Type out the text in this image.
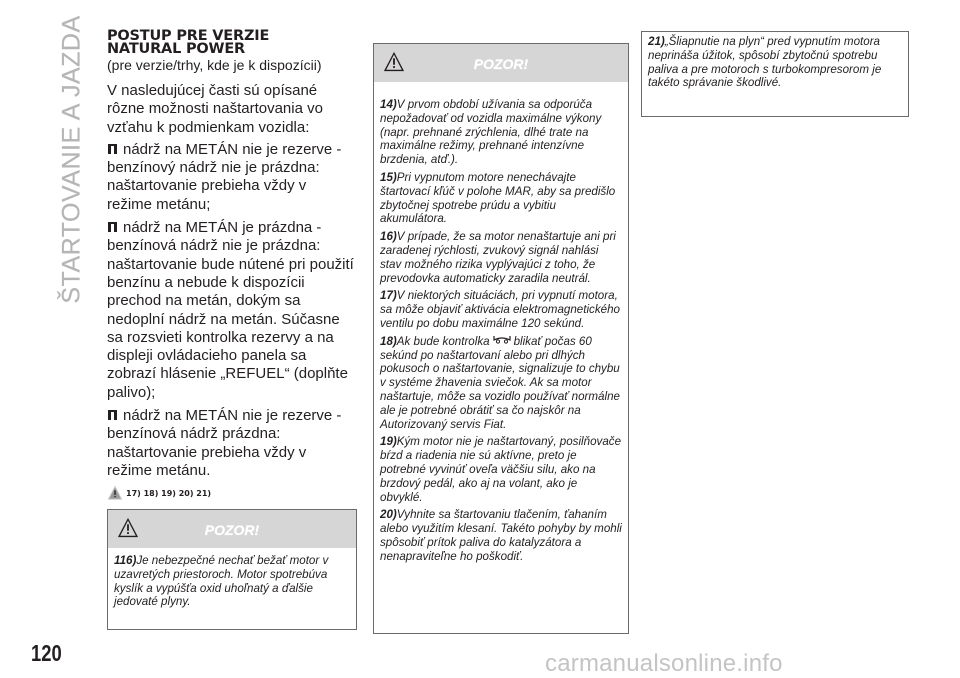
ŠTARTOVANIE A JAZDA POSTUP PRE VERZIE
NATURAL POWER

(pre verzie/trhy, kde je k dispozícii)

V nasledujúcej časti sú opísané rôzne možnosti naštartovania vo vzťahu k podmienkam vozidla:

nádrž na METÁN nie je rezerve - benzínový nádrž nie je prázdna: naštartovanie prebieha vždy v režime metánu;

nádrž na METÁN je prázdna - benzínová nádrž nie je prázdna: naštartovanie bude nútené pri použití benzínu a nebude k dispozícii prechod na metán, dokým sa nedoplní nádrž na metán. Súčasne sa rozsvieti kontrolka rezervy a na displeji ovládacieho panela sa zobrazí hlásenie „REFUEL“ (doplňte palivo);

nádrž na METÁN nie je rezerve - benzínová nádrž prázdna: naštartovanie prebieha vždy v režime metánu.

17) 18) 19) 20) 21)
POZOR!

116)Je nebezpečné nechať bežať motor v uzavretých priestoroch. Motor spotrebúva kyslík a vypúšťa oxid uhoľnatý a ďalšie jedovaté plyny.

POZOR!

14)V prvom období užívania sa odporúča nepožadovať od vozidla maximálne výkony (napr. prehnané zrýchlenia, dlhé trate na maximálne režimy, prehnané intenzívne brzdenia, atď.).

15)Pri vypnutom motore nenechávajte štartovací kľúč v polohe MAR, aby sa predišlo zbytočnej spotrebe prúdu a vybitiu akumulátora.

16)V prípade, že sa motor nenaštartuje ani pri zaradenej rýchlosti, zvukový signál nahlási stav možného rizika vyplývajúci z toho, že prevodovka automaticky zaradila neutrál.

17)V niektorých situáciách, pri vypnutí motora, sa môže objaviť aktivácia elektromagnetického ventilu po dobu maximálne 120 sekúnd.

18)Ak bude kontrolka blikať počas 60 sekúnd po naštartovaní alebo pri dlhých pokusoch o naštartovanie, signalizuje to chybu v systéme žhavenia sviečok. Ak sa motor naštartuje, môže sa vozidlo používať normálne ale je potrebné obrátiť sa čo najskôr na Autorizovaný servis Fiat.

19)Kým motor nie je naštartovaný, posilňovače bŕzd a riadenia nie sú aktívne, preto je potrebné vyvinúť oveľa väčšiu silu, ako na brzdový pedál, ako aj na volant, ako je obvyklé.

20)Vyhnite sa štartovaniu tlačením, ťahaním alebo využitím klesaní. Takéto pohyby by mohli spôsobiť prítok paliva do katalyzátora a nenapraviteľne ho poškodiť.

21)„Šliapnutie na plyn“ pred vypnutím motora neprináša úžitok, spôsobí zbytočnú spotrebu paliva a pre motoroch s turbokompresorom je takéto správanie škodlivé.

120	carmanualsonline.info
